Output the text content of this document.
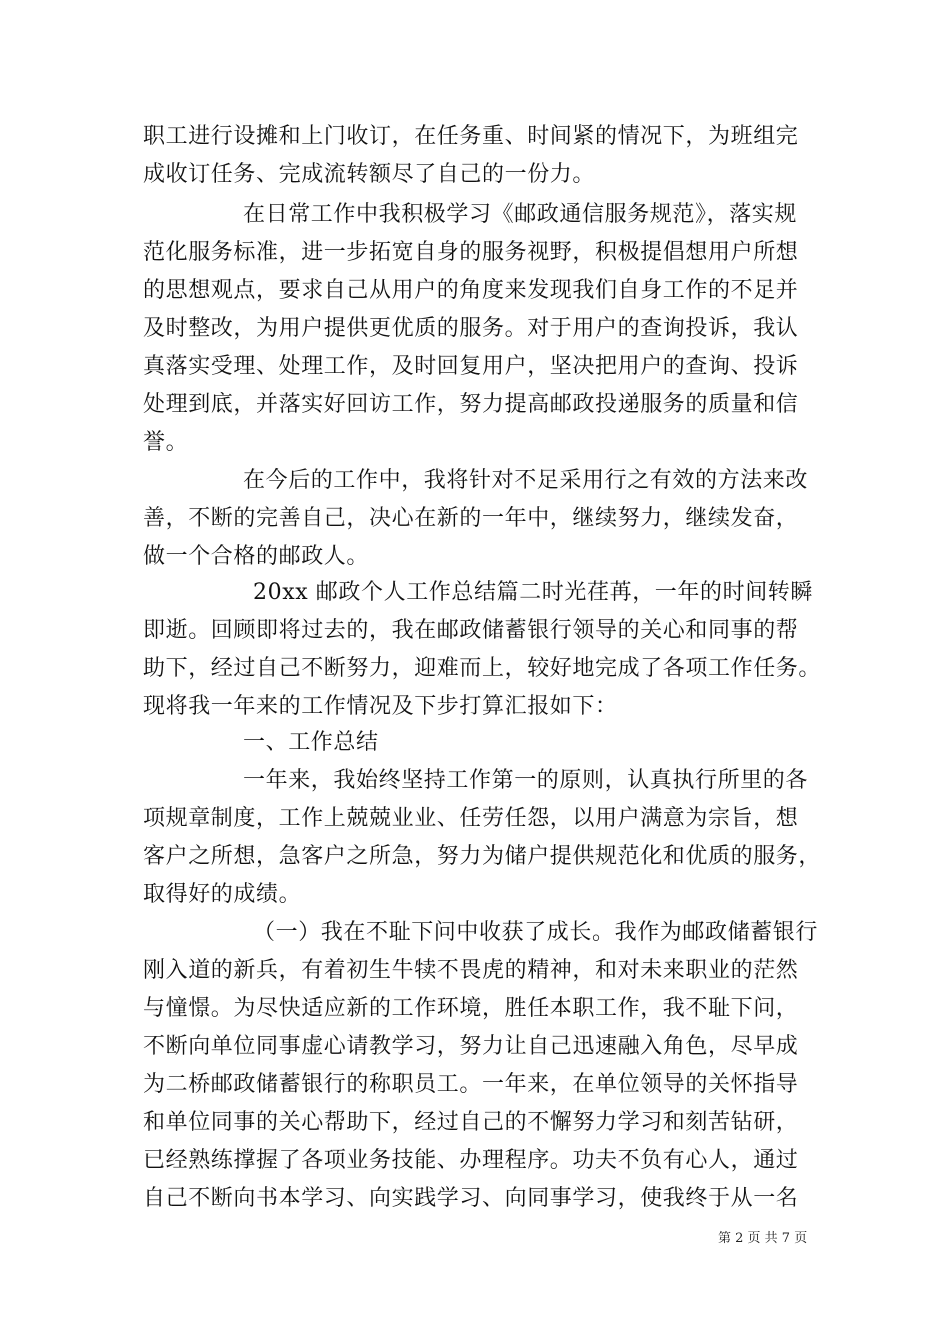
职工进行设摊和上门收订，在任务重、时间紧的情况下，为班组完
成收订任务、完成流转额尽了自己的一份力。
在日常工作中我积极学习《邮政通信服务规范》，落实规
范化服务标准，进一步拓宽自身的服务视野，积极提倡想用户所想
的思想观点，要求自己从用户的角度来发现我们自身工作的不足并
及时整改，为用户提供更优质的服务。对于用户的查询投诉，我认
真落实受理、处理工作，及时回复用户，坚决把用户的查询、投诉
处理到底，并落实好回访工作，努力提高邮政投递服务的质量和信
誉。
在今后的工作中，我将针对不足采用行之有效的方法来改
善，不断的完善自己，决心在新的一年中，继续努力，继续发奋，
做一个合格的邮政人。
20xx 邮政个人工作总结篇二时光荏苒，一年的时间转瞬
即逝。回顾即将过去的，我在邮政储蓄银行领导的关心和同事的帮
助下，经过自己不断努力，迎难而上，较好地完成了各项工作任务。
现将我一年来的工作情况及下步打算汇报如下：
一、工作总结
一年来，我始终坚持工作第一的原则，认真执行所里的各
项规章制度，工作上兢兢业业、任劳任怨，以用户满意为宗旨，想
客户之所想，急客户之所急，努力为储户提供规范化和优质的服务，
取得好的成绩。
（一）我在不耻下问中收获了成长。我作为邮政储蓄银行
刚入道的新兵，有着初生牛犊不畏虎的精神，和对未来职业的茫然
与憧憬。为尽快适应新的工作环境，胜任本职工作，我不耻下问，
不断向单位同事虚心请教学习，努力让自己迅速融入角色，尽早成
为二桥邮政储蓄银行的称职员工。一年来，在单位领导的关怀指导
和单位同事的关心帮助下，经过自己的不懈努力学习和刻苦钻研，
已经熟练撑握了各项业务技能、办理程序。功夫不负有心人，通过
自己不断向书本学习、向实践学习、向同事学习，使我终于从一名
第 2 页 共 7 页
